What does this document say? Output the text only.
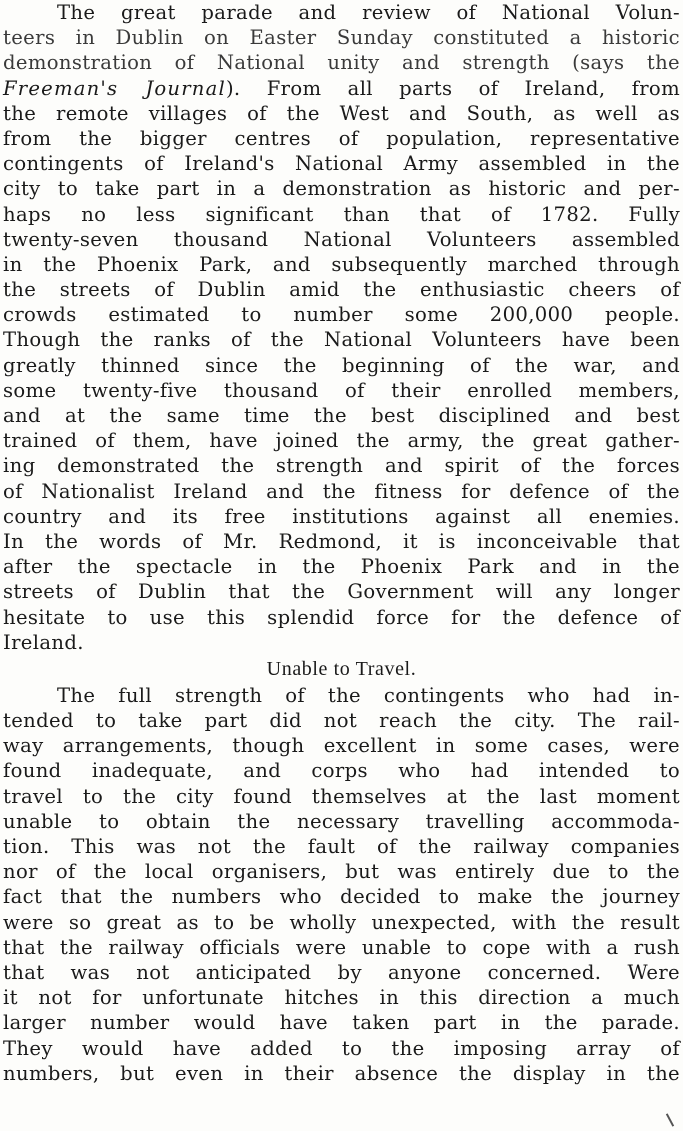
The great parade and review of National Volun-
teers in Dublin on Easter Sunday constituted a historic
demonstration of National unity and strength (says the
Freeman's Journal). From all parts of Ireland, from
the remote villages of the West and South, as well as
from the bigger centres of population, representative
contingents of Ireland's National Army assembled in the
city to take part in a demonstration as historic and per-
haps no less significant than that of 1782. Fully
twenty-seven thousand National Volunteers assembled
in the Phoenix Park, and subsequently marched through
the streets of Dublin amid the enthusiastic cheers of
crowds estimated to number some 200,000 people.
Though the ranks of the National Volunteers have been
greatly thinned since the beginning of the war, and
some twenty-five thousand of their enrolled members,
and at the same time the best disciplined and best
trained of them, have joined the army, the great gather-
ing demonstrated the strength and spirit of the forces
of Nationalist Ireland and the fitness for defence of the
country and its free institutions against all enemies.
In the words of Mr. Redmond, it is inconceivable that
after the spectacle in the Phoenix Park and in the
streets of Dublin that the Government will any longer
hesitate to use this splendid force for the defence of
Ireland.
Unable to Travel.
The full strength of the contingents who had in-
tended to take part did not reach the city. The rail-
way arrangements, though excellent in some cases, were
found inadequate, and corps who had intended to
travel to the city found themselves at the last moment
unable to obtain the necessary travelling accommoda-
tion. This was not the fault of the railway companies
nor of the local organisers, but was entirely due to the
fact that the numbers who decided to make the journey
were so great as to be wholly unexpected, with the result
that the railway officials were unable to cope with a rush
that was not anticipated by anyone concerned. Were
it not for unfortunate hitches in this direction a much
larger number would have taken part in the parade.
They would have added to the imposing array of
numbers, but even in their absence the display in the
